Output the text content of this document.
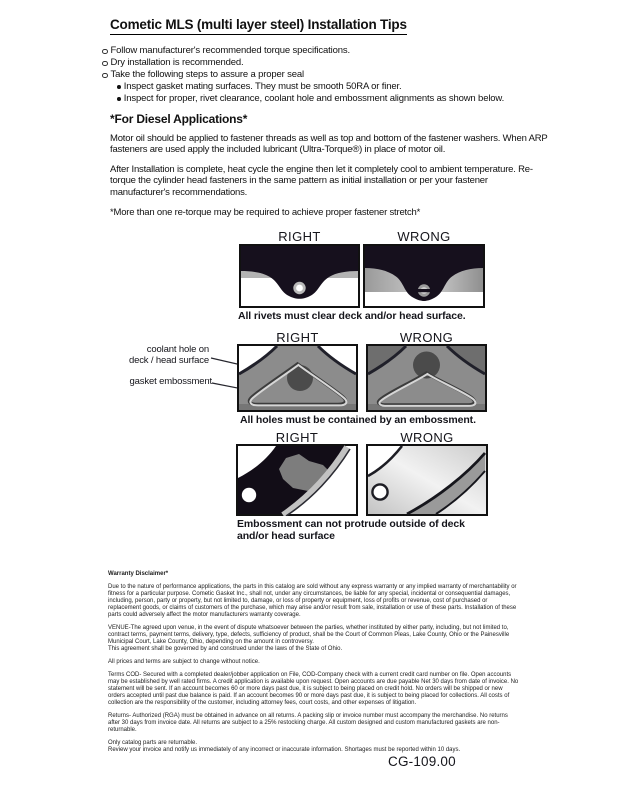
Cometic MLS (multi layer steel) Installation Tips
Follow manufacturer's recommended torque specifications.
Dry installation is recommended.
Take the following steps to assure a proper seal
Inspect gasket mating surfaces. They must be smooth 50RA or finer.
Inspect for proper, rivet clearance, coolant hole and embossment alignments as shown below.
*For Diesel Applications*

Motor oil should be applied to fastener threads as well as top and bottom of the fastener washers. When ARP fasteners are used apply the included lubricant (Ultra-Torque®) in place of motor oil.

After Installation is complete, heat cycle the engine then let it completely cool to ambient temperature. Re-torque the cylinder head fasteners in the same pattern as initial installation or per your fastener manufacturer's recommendations.

*More than one re-torque may be required to achieve proper fastener stretch*

RIGHT	WRONG
All rivets must clear deck and/or head surface.
RIGHT	WRONG
coolant hole on
deck / head surface
gasket embossment
All holes must be contained by an embossment.
RIGHT	WRONG
Embossment can not protrude outside of deck
and/or head surface
Warranty Disclaimer*
Due to the nature of performance applications, the parts in this catalog are sold without any express warranty or any implied warranty of merchantability or fitness for a particular purpose. Cometic Gasket Inc., shall not, under any circumstances, be liable for any special, incidental or consequential damages, including, person, party or property, but not limited to, damage, or loss of property or equipment, loss of profits or revenue, cost of purchased or replacement goods, or claims of customers of the purchase, which may arise and/or result from sale, installation or use of these parts. Installation of these parts could adversely affect the motor manufacturers warranty coverage.
VENUE-The agreed upon venue, in the event of dispute whatsoever between the parties, whether instituted by either party, including, but not limited to, contract terms, payment terms, delivery, type, defects, sufficiency of product, shall be the Court of Common Pleas, Lake County, Ohio or the Painesville Municipal Court, Lake County, Ohio, depending on the amount in controversy.
This agreement shall be governed by and construed under the laws of the State of Ohio.
All prices and terms are subject to change without notice.
Terms COD- Secured with a completed dealer/jobber application on File, COD-Company check with a current credit card number on file. Open accounts may be established by well rated firms. A credit application is available upon request. Open accounts are due payable Net 30 days from date of invoice. No statement will be sent. If an account becomes 60 or more days past due, it is subject to being placed on credit hold. No orders will be shipped or new orders accepted until past due balance is paid. If an account becomes 90 or more days past due, it is subject to being placed for collections. All costs of collection are the responsibility of the customer, including attorney fees, court costs, and other expenses of litigation.
Returns- Authorized (RGA) must be obtained in advance on all returns. A packing slip or invoice number must accompany the merchandise. No returns after 30 days from invoice date. All returns are subject to a 25% restocking charge. All custom designed and custom manufactured gaskets are non-returnable.
Only catalog parts are returnable.
Review your invoice and notify us immediately of any incorrect or inaccurate information. Shortages must be reported within 10 days.
CG-109.00
